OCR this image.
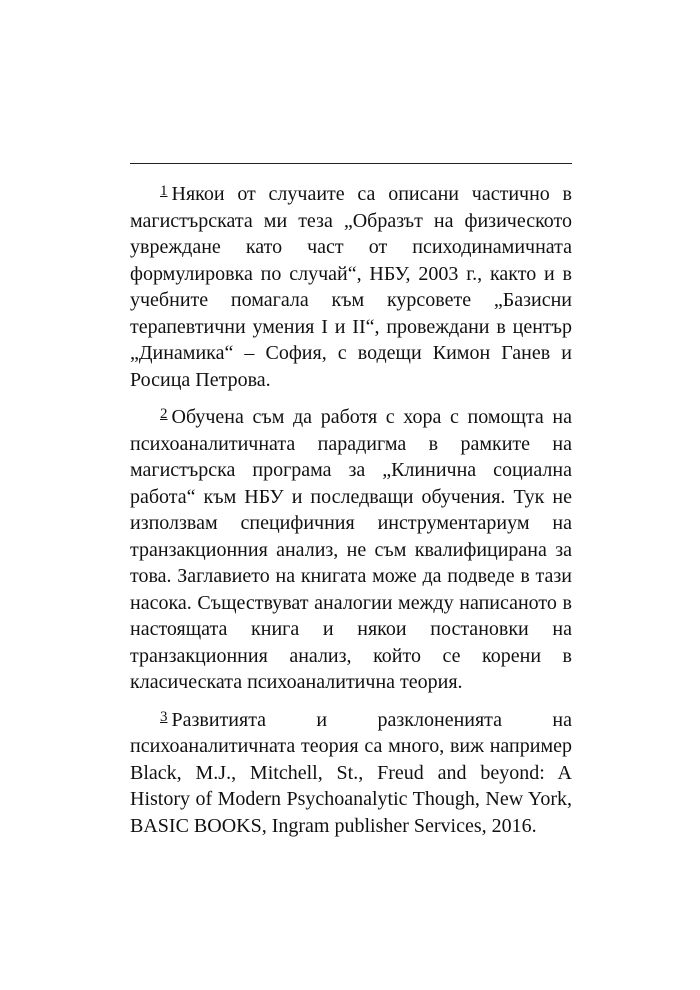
$^1$ Някои от случаите са описани частично в магистърската ми теза „Образът на физическото увреждане като част от психодинамичната формулировка по случай“, НБУ, 2003 г., както и в учебните помагала към курсовете „Базисни терапевтични умения I и II“, провеждани в център „Динамика“ – София, с водещи Кимон Ганев и Росица Петрова.

$^2$ Обучена съм да работя с хора с помощта на психоаналитичната парадигма в рамките на магистърска програма за „Клинична социална работа“ към НБУ и последващи обучения. Тук не използвам специфичния инструментариум на транзакционния анализ, не съм квалифицирана за това. Заглавието на книгата може да подведе в тази насока. Съществуват аналогии между написаното в настоящата книга и някои постановки на транзакционния анализ, който се корени в класическата психоаналитична теория.

$^3$ Развитията и разклоненията на психоаналитичната теория са много, виж например Black, M.J., Mitchell, St., Freud and beyond: A History of Modern Psychoanalytic Though, New York, BASIC BOOKS, Ingram publisher Services, 2016.
